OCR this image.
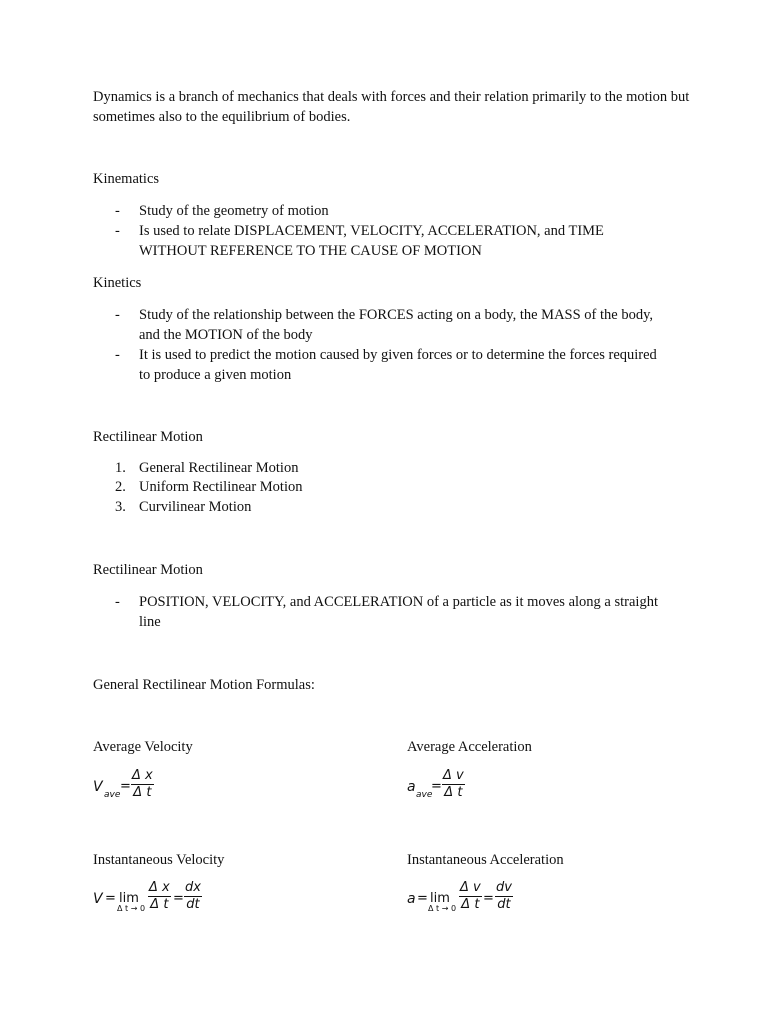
Dynamics is a branch of mechanics that deals with forces and their relation primarily to the motion but sometimes also to the equilibrium of bodies.
Kinematics
- Study of the geometry of motion
- Is used to relate DISPLACEMENT, VELOCITY, ACCELERATION, and TIME WITHOUT REFERENCE TO THE CAUSE OF MOTION
Kinetics
- Study of the relationship between the FORCES acting on a body, the MASS of the body, and the MOTION of the body
- It is used to predict the motion caused by given forces or to determine the forces required to produce a given motion
Rectilinear Motion
1. General Rectilinear Motion
2. Uniform Rectilinear Motion
3. Curvilinear Motion
Rectilinear Motion
- POSITION, VELOCITY, and ACCELERATION of a particle as it moves along a straight line
General Rectilinear Motion Formulas:
Average Velocity
V ave
= $\frac{\text{Δ x}}{\text{Δ t}}$
Average Acceleration
a ave
= $\frac{\text{Δ v}}{\text{Δ t}}$
Instantaneous Velocity
V = lim
Δ $t \to 0 \frac{\text{Δ x}}{\text{Δ t}} = \frac{dx}{dt}$
Instantaneous Acceleration
a = lim
Δ $t \to 0 \frac{\text{Δ v}}{\text{Δ t}} = \frac{dv}{dt}$
